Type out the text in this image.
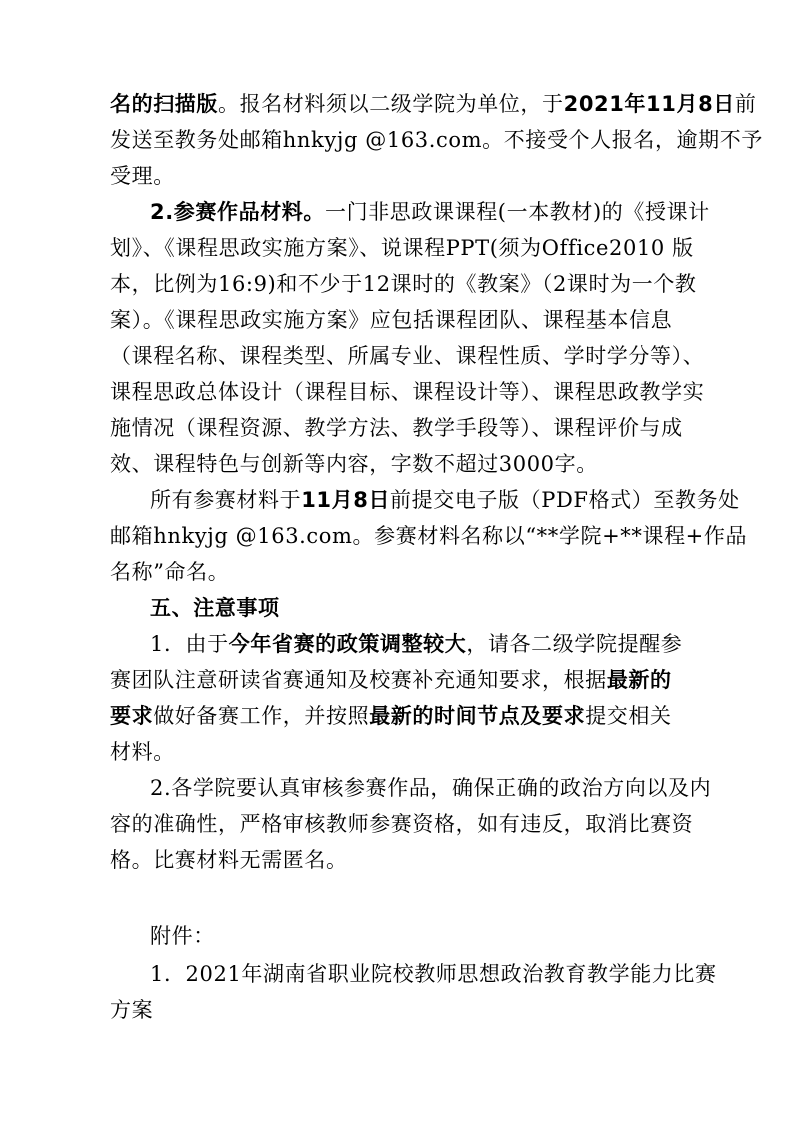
名的扫描版。报名材料须以二级学院为单位，于2021年11月8日前
发送至教务处邮箱hnkyjg @163.com。不接受个人报名，逾期不予
受理。
2.参赛作品材料。一门非思政课课程(一本教材)的《授课计
划》、《课程思政实施方案》、说课程PPT(须为Office2010 版
本，比例为16:9)和不少于12课时的《教案》（2课时为一个教
案）。《课程思政实施方案》应包括课程团队、课程基本信息
（课程名称、课程类型、所属专业、课程性质、学时学分等）、
课程思政总体设计（课程目标、课程设计等）、课程思政教学实
施情况（课程资源、教学方法、教学手段等）、课程评价与成
效、课程特色与创新等内容，字数不超过3000字。
所有参赛材料于11月8日前提交电子版（PDF格式）至教务处
邮箱hnkyjg @163.com。参赛材料名称以“**学院+**课程+作品
名称”命名。
五、注意事项
1．由于今年省赛的政策调整较大，请各二级学院提醒参
赛团队注意研读省赛通知及校赛补充通知要求，根据最新的
要求做好备赛工作，并按照最新的时间节点及要求提交相关
材料。
2.各学院要认真审核参赛作品，确保正确的政治方向以及内
容的准确性，严格审核教师参赛资格，如有违反，取消比赛资
格。比赛材料无需匿名。
附件：
1．2021年湖南省职业院校教师思想政治教育教学能力比赛
方案
